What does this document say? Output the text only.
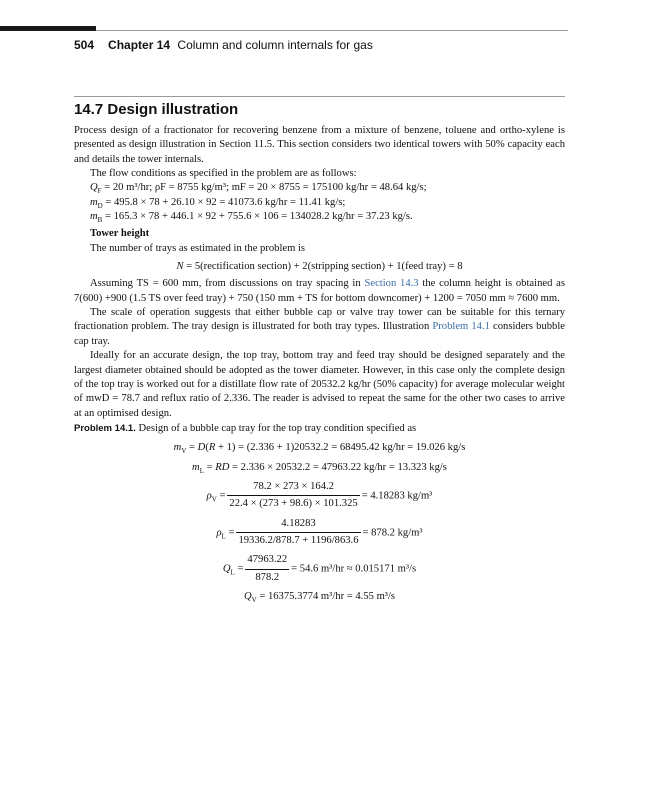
504 Chapter 14 Column and column internals for gas
14.7 Design illustration

Process design of a fractionator for recovering benzene from a mixture of benzene, toluene and ortho-xylene is presented as design illustration in Section 11.5. This section considers two identical towers with 50% capacity each and details the tower internals.

The flow conditions as specified in the problem are as follows:

$Q_F = 20$ m³/hr; ρF = 8755 kg/m³; mF = 20 × 8755 = 175100 kg/hr = 48.64 kg/s;
$m_D = 495.8 \times 78 + 26.10 \times 92 = 41073.6$ kg/hr = 11.41 kg/s;
$m_B = 165.3 \times 78 + 446.1 \times 92 + 755.6 \times 106 = 134028.2$ kg/hr = 37.23 kg/s.

Tower height

The number of trays as estimated in the problem is

N = 5(rectification section) + 2(stripping section) + 1(feed tray) = 8

Assuming TS = 600 mm, from discussions on tray spacing in Section 14.3 the column height is obtained as 7(600) +900 (1.5 TS over feed tray) + 750 (150 mm + TS for bottom downcomer) + 1200 = 7050 mm ≈ 7600 mm.

The scale of operation suggests that either bubble cap or valve tray tower can be suitable for this ternary fractionation problem. The tray design is illustrated for both tray types. Illustration Problem 14.1 considers bubble cap tray.

Ideally for an accurate design, the top tray, bottom tray and feed tray should be designed separately and the largest diameter obtained should be adopted as the tower diameter. However, in this case only the complete design of the top tray is worked out for a distillate flow rate of 20532.2 kg/hr (50% capacity) for average molecular weight of mwD = 78.7 and reflux ratio of 2.336. The reader is advised to repeat the same for the other two cases to arrive at an optimised design.

Problem 14.1. Design of a bubble cap tray for the top tray condition specified as

$m_V = D(R + 1) = (2.336 + 1)20532.2 = 68495.42$ kg/hr = 19.026 kg/s
$m_L$ = RD = 2.336 × 20532.2 = 47963.22 kg/hr = 13.323 kg/s
$\rho_V = \frac{78.2 \times 273 \times 164.2}{22.4 \times (273 + 98.6) \times 101.325} = 4.18283$ kg/m³
$\rho_L = \frac{4.18283}{19336.2/878.7 + 1196/863.6} = 878.2$ kg/m³
$Q_L = \frac{47963.22}{878.2} = 54.6$ m³/hr ≈ 0.015171 m³/s
$Q_V = 16375.3774$ m³/hr = 4.55 m³/s
